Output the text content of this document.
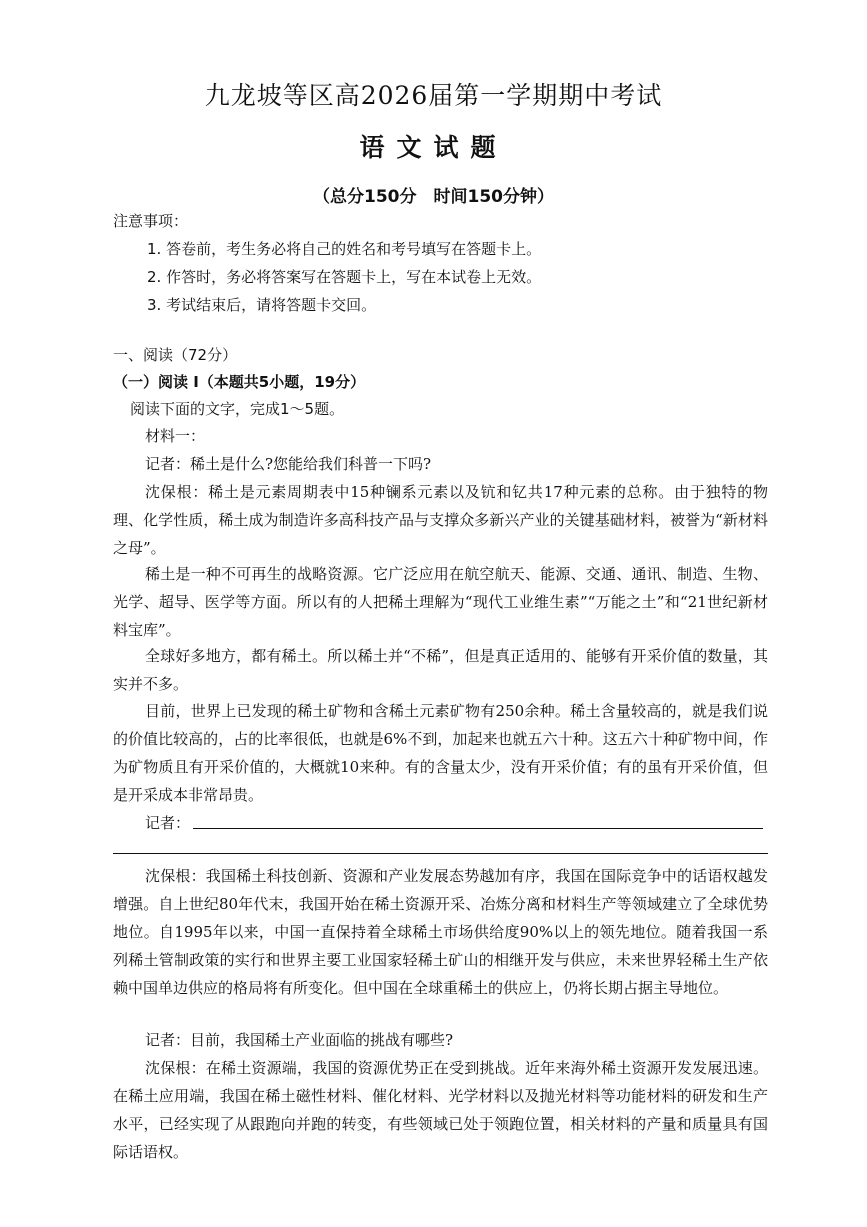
九龙坡等区高2026届第一学期期中考试
语文试题
（总分150分　时间150分钟）
注意事项：
1. 答卷前，考生务必将自己的姓名和考号填写在答题卡上。
2. 作答时，务必将答案写在答题卡上，写在本试卷上无效。
3. 考试结束后，请将答题卡交回。
一、阅读（72分）
（一）阅读 I（本题共5小题，19分）
阅读下面的文字，完成1～5题。
材料一：

记者：稀土是什么?您能给我们科普一下吗?

沈保根：稀土是元素周期表中15种镧系元素以及钪和钇共17种元素的总称。由于独特的物理、化学性质，稀土成为制造许多高科技产品与支撑众多新兴产业的关键基础材料，被誉为“新材料之母”。

稀土是一种不可再生的战略资源。它广泛应用在航空航天、能源、交通、通讯、制造、生物、光学、超导、医学等方面。所以有的人把稀土理解为“现代工业维生素”“万能之土”和“21世纪新材料宝库”。

全球好多地方，都有稀土。所以稀土并“不稀”，但是真正适用的、能够有开采价值的数量，其实并不多。

目前，世界上已发现的稀土矿物和含稀土元素矿物有250余种。稀土含量较高的，就是我们说的价值比较高的，占的比率很低，也就是6%不到，加起来也就五六十种。这五六十种矿物中间，作为矿物质且有开采价值的，大概就10来种。有的含量太少，没有开采价值；有的虽有开采价值，但是开采成本非常昂贵。

记者：

沈保根：我国稀土科技创新、资源和产业发展态势越加有序，我国在国际竞争中的话语权越发增强。自上世纪80年代末，我国开始在稀土资源开采、冶炼分离和材料生产等领域建立了全球优势地位。自1995年以来，中国一直保持着全球稀土市场供给度90%以上的领先地位。随着我国一系列稀土管制政策的实行和世界主要工业国家轻稀土矿山的相继开发与供应，未来世界轻稀土生产依赖中国单边供应的格局将有所变化。但中国在全球重稀土的供应上，仍将长期占据主导地位。

记者：目前，我国稀土产业面临的挑战有哪些?

沈保根：在稀土资源端，我国的资源优势正在受到挑战。近年来海外稀土资源开发发展迅速。在稀土应用端，我国在稀土磁性材料、催化材料、光学材料以及抛光材料等功能材料的研发和生产水平，已经实现了从跟跑向并跑的转变，有些领域已处于领跑位置，相关材料的产量和质量具有国际话语权。
